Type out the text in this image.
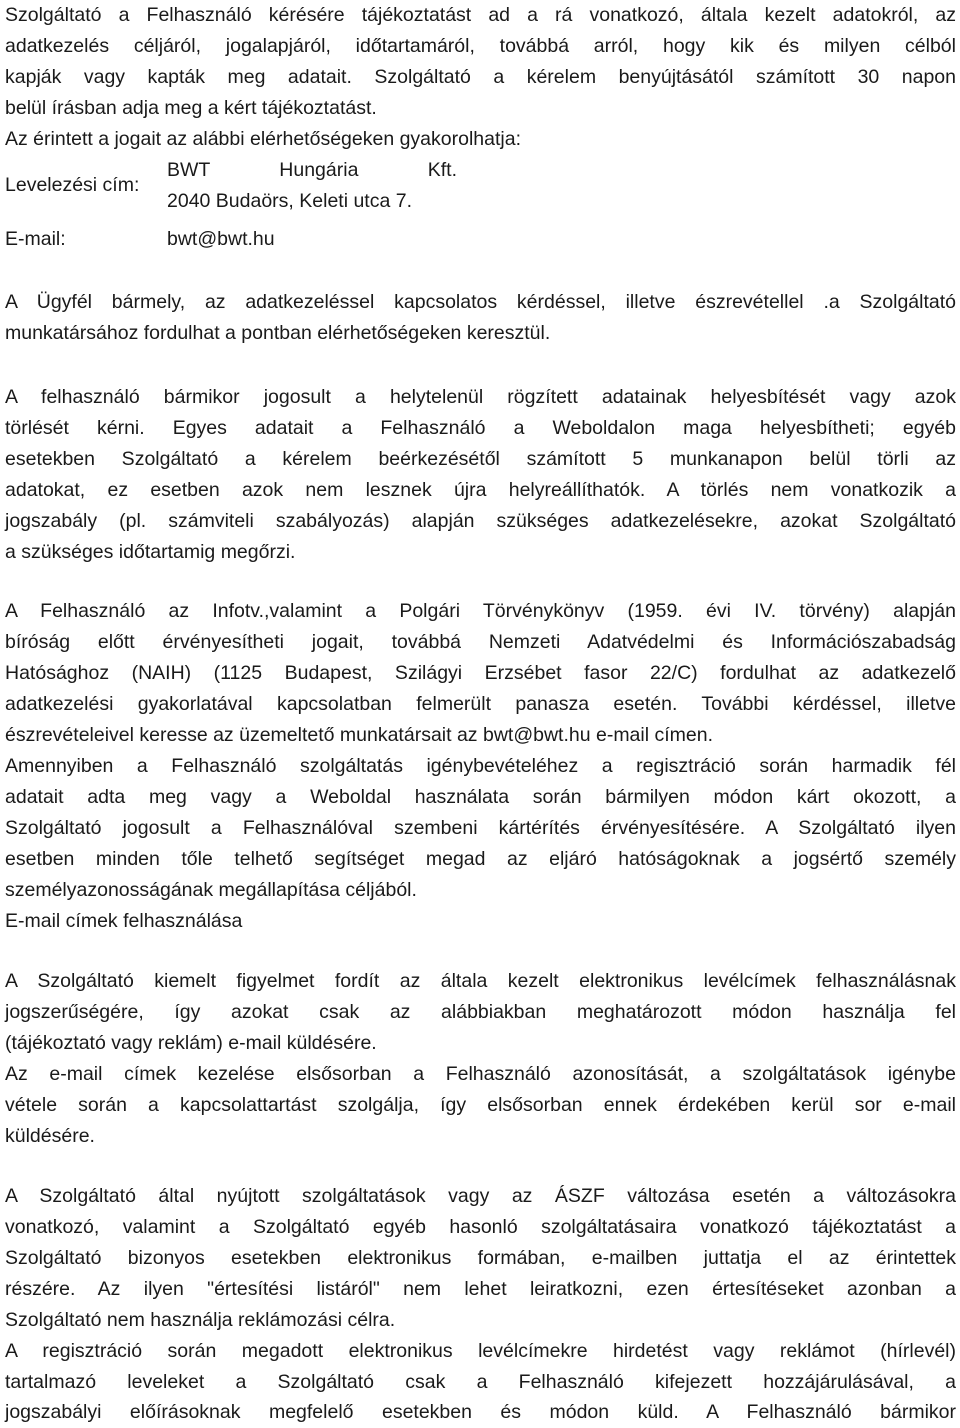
Szolgáltató a Felhasználó kérésére tájékoztatást ad a rá vonatkozó, általa kezelt adatokról, az
adatkezelés céljáról, jogalapjáról, időtartamáról, továbbá arról, hogy kik és milyen célból
kapják vagy kapták meg adatait. Szolgáltató a kérelem benyújtásától számított 30 napon
belül írásban adja meg a kért tájékoztatást.
Az érintett a jogait az alábbi elérhetőségeken gyakorolhatja:
Levelezési cím:
BWT Hungária Kft.
2040 Budaörs, Keleti utca 7.
E-mail:	bwt@bwt.hu
A Ügyfél bármely, az adatkezeléssel kapcsolatos kérdéssel, illetve észrevétellel .a Szolgáltató
munkatársához fordulhat a pontban elérhetőségeken keresztül.
A felhasználó bármikor jogosult a helytelenül rögzített adatainak helyesbítését vagy azok
törlését kérni. Egyes adatait a Felhasználó a Weboldalon maga helyesbítheti; egyéb
esetekben Szolgáltató a kérelem beérkezésétől számított 5 munkanapon belül törli az
adatokat, ez esetben azok nem lesznek újra helyreállíthatók. A törlés nem vonatkozik a
jogszabály (pl. számviteli szabályozás) alapján szükséges adatkezelésekre, azokat Szolgáltató
a szükséges időtartamig megőrzi.
A Felhasználó az Infotv.,valamint a Polgári Törvénykönyv (1959. évi IV. törvény) alapján
bíróság előtt érvényesítheti jogait, továbbá Nemzeti Adatvédelmi és Információszabadság
Hatósághoz (NAIH) (1125 Budapest, Szilágyi Erzsébet fasor 22/C) fordulhat az adatkezelő
adatkezelési gyakorlatával kapcsolatban felmerült panasza esetén. További kérdéssel, illetve
észrevételeivel keresse az üzemeltető munkatársait az bwt@bwt.hu e-mail címen.
Amennyiben a Felhasználó szolgáltatás igénybevételéhez a regisztráció során harmadik fél
adatait adta meg vagy a Weboldal használata során bármilyen módon kárt okozott, a
Szolgáltató jogosult a Felhasználóval szembeni kártérítés érvényesítésére. A Szolgáltató ilyen
esetben minden tőle telhető segítséget megad az eljáró hatóságoknak a jogsértő személy
személyazonosságának megállapítása céljából.
E-mail címek felhasználása
A Szolgáltató kiemelt figyelmet fordít az általa kezelt elektronikus levélcímek felhasználásnak
jogszerűségére, így azokat csak az alábbiakban meghatározott módon használja fel
(tájékoztató vagy reklám) e-mail küldésére.
Az e-mail címek kezelése elsősorban a Felhasználó azonosítását, a szolgáltatások igénybe
vétele során a kapcsolattartást szolgálja, így elsősorban ennek érdekében kerül sor e-mail
küldésére.
A Szolgáltató által nyújtott szolgáltatások vagy az ÁSZF változása esetén a változásokra
vonatkozó, valamint a Szolgáltató egyéb hasonló szolgáltatásaira vonatkozó tájékoztatást a
Szolgáltató bizonyos esetekben elektronikus formában, e-mailben juttatja el az érintettek
részére. Az ilyen "értesítési listáról" nem lehet leiratkozni, ezen értesítéseket azonban a
Szolgáltató nem használja reklámozási célra.
A regisztráció során megadott elektronikus levélcímekre hirdetést vagy reklámot (hírlevél)
tartalmazó leveleket a Szolgáltató csak a Felhasználó kifejezett hozzájárulásával, a
jogszabályi előírásoknak megfelelő esetekben és módon küld. A Felhasználó bármikor
